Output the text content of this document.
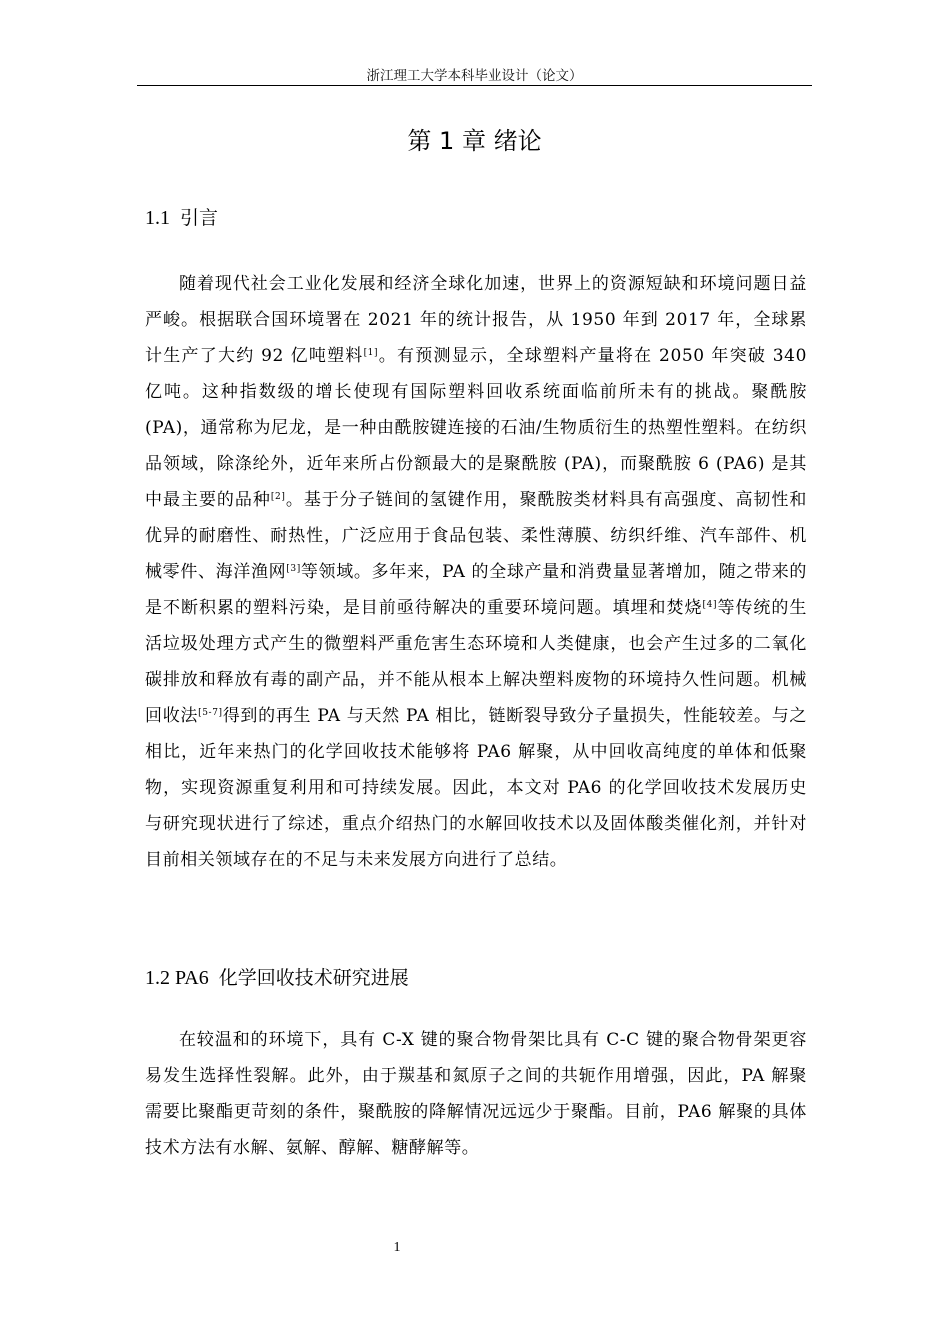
浙江理工大学本科毕业设计（论文）
第 1 章 绪论
1.1 引言

随着现代社会工业化发展和经济全球化加速，世界上的资源短缺和环境问题日益严峻。根据联合国环境署在 2021 年的统计报告，从 1950 年到 2017 年，全球累计生产了大约 92 亿吨塑料[1]。有预测显示，全球塑料产量将在 2050 年突破 340 亿吨。这种指数级的增长使现有国际塑料回收系统面临前所未有的挑战。聚酰胺 (PA)，通常称为尼龙，是一种由酰胺键连接的石油/生物质衍生的热塑性塑料。在纺织品领域，除涤纶外，近年来所占份额最大的是聚酰胺 (PA)，而聚酰胺 6 (PA6) 是其中最主要的品种[2]。基于分子链间的氢键作用，聚酰胺类材料具有高强度、高韧性和优异的耐磨性、耐热性，广泛应用于食品包装、柔性薄膜、纺织纤维、汽车部件、机械零件、海洋渔网[3]等领域。多年来，PA 的全球产量和消费量显著增加，随之带来的是不断积累的塑料污染，是目前亟待解决的重要环境问题。填埋和焚烧[4]等传统的生活垃圾处理方式产生的微塑料严重危害生态环境和人类健康，也会产生过多的二氧化碳排放和释放有毒的副产品，并不能从根本上解决塑料废物的环境持久性问题。机械回收法[5-7]得到的再生 PA 与天然 PA 相比，链断裂导致分子量损失，性能较差。与之相比，近年来热门的化学回收技术能够将 PA6 解聚，从中回收高纯度的单体和低聚物，实现资源重复利用和可持续发展。因此，本文对 PA6 的化学回收技术发展历史与研究现状进行了综述，重点介绍热门的水解回收技术以及固体酸类催化剂，并针对目前相关领域存在的不足与未来发展方向进行了总结。

1.2 PA6 化学回收技术研究进展

在较温和的环境下，具有 C-X 键的聚合物骨架比具有 C-C 键的聚合物骨架更容易发生选择性裂解。此外，由于羰基和氮原子之间的共轭作用增强，因此，PA 解聚需要比聚酯更苛刻的条件，聚酰胺的降解情况远远少于聚酯。目前，PA6 解聚的具体技术方法有水解、氨解、醇解、糖酵解等。

1
